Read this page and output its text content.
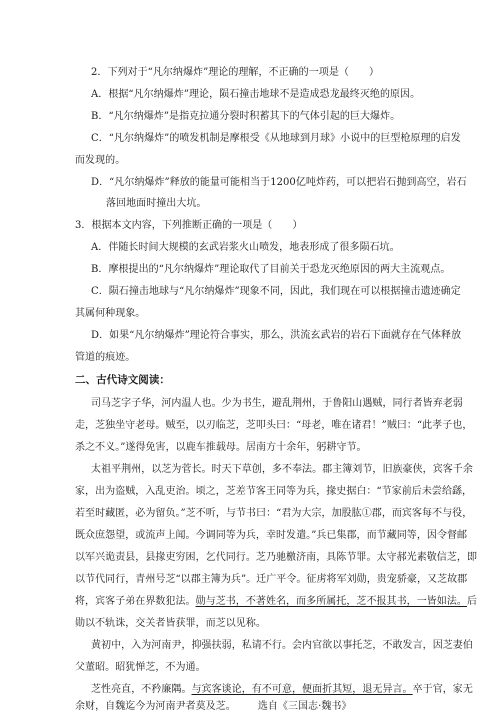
2．下列对于“凡尔纳爆炸”理论的理解，不正确的一项是（　　）
A．根据“凡尔纳爆炸”理论，陨石撞击地球不是造成恐龙最终灭绝的原因。
B．“凡尔纳爆炸”是指克拉通分裂时积蓄其下的气体引起的巨大爆炸。
C．“凡尔纳爆炸”的喷发机制是摩根受《从地球到月球》小说中的巨型枪原理的启发
而发现的。
D．“凡尔纳爆炸”释放的能量可能相当于1200亿吨炸药，可以把岩石抛到高空，岩石
落回地面时撞出大坑。
3．根据本文内容，下列推断正确的一项是（　　）
A．伴随长时间大规模的玄武岩浆火山喷发，地表形成了很多陨石坑。
B．摩根提出的“凡尔纳爆炸”理论取代了目前关于恐龙灭绝原因的两大主流观点。
C．陨石撞击地球与“凡尔纳爆炸”现象不同，因此，我们现在可以根据撞击遗迹确定
其属何种现象。
D．如果“凡尔纳爆炸”理论符合事实，那么，洪流玄武岩的岩石下面就存在气体释放
管道的痕迹。
二、古代诗文阅读：
司马芝字子华，河内温人也。少为书生，避乱荆州，于鲁阳山遇贼，同行者皆弃老弱
走，芝独坐守老母。贼至，以刃临芝，芝叩头曰：“母老，唯在诸君！”贼曰：“此孝子也，
杀之不义。”遂得免害，以鹿车推载母。居南方十余年，躬耕守节。
太祖平荆州，以芝为菅长。时天下草创，多不奉法。郡主簿刘节，旧族豪侠，宾客千余
家，出为盗贼，入乱吏治。顷之，芝差节客王同等为兵，掾史据白：“节家前后未尝给繇，
若至时藏匿，必为留负。”芝不听，与节书曰：“君为大宗，加股肱①郡，而宾客每不与役，
既众庶怨望，或流声上闻。今调同等为兵，幸时发遣。”兵已集郡，而节藏同等，因令督邮
以军兴诡责县，县掾吏穷困，乞代同行。芝乃驰檄济南，具陈节罪。太守郝光素敬信芝，即
以节代同行，青州号芝“以郡主簿为兵”。迁广平令。征虏将军刘勋，贵宠骄豪，又芝故郡
将，宾客子弟在界数犯法。勋与芝书，不著姓名，而多所属托，芝不报其书，一皆如法。后
勋以不轨诛，交关者皆获罪，而芝以见称。
黄初中，入为河南尹，抑强扶弱，私请不行。会内官欲以事托芝，不敢发言，因芝妻伯
父董昭。昭犹惮芝，不为通。
芝性亮直，不矜廉隅。与宾客谈论，有不可意，便面折其短，退无异言。卒于官，家无
余财，自魏迄今为河南尹者莫及芝。 选自《三国志·魏书》
